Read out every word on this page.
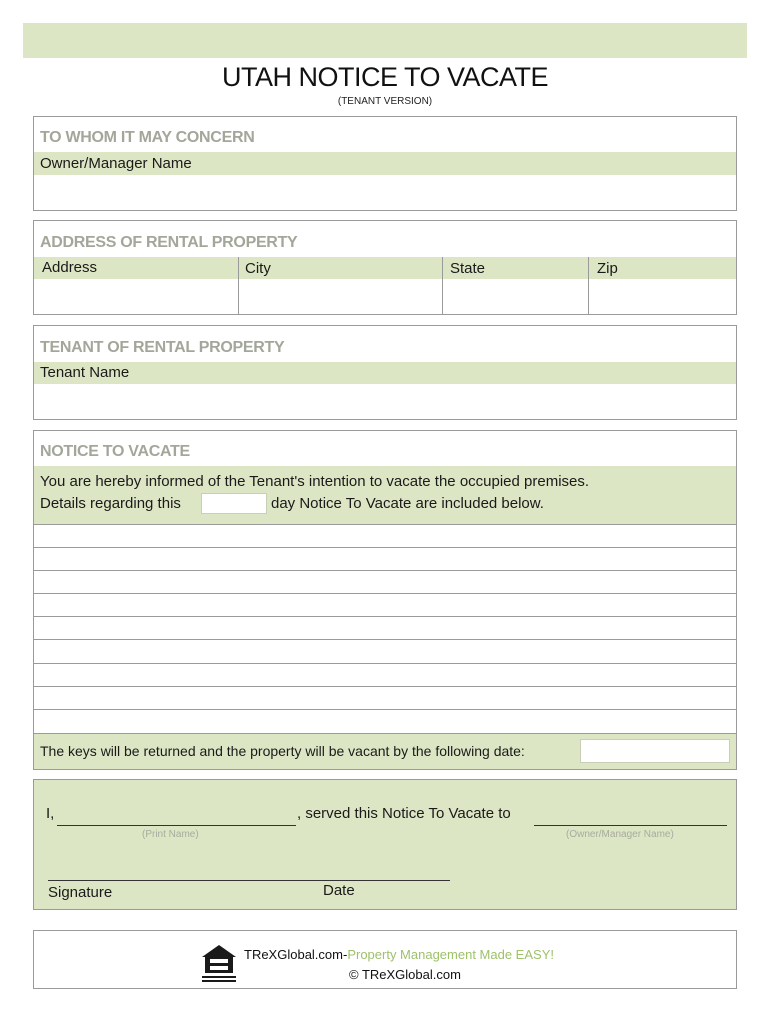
UTAH NOTICE TO VACATE
(TENANT VERSION)
TO WHOM IT MAY CONCERN
Owner/Manager Name
ADDRESS OF RENTAL PROPERTY
Address	City	State	Zip
TENANT OF RENTAL PROPERTY
Tenant Name
NOTICE TO VACATE
You are hereby informed of the Tenant's intention to vacate the occupied premises.
Details regarding this	day Notice To Vacate are included below.
The keys will be returned and the property will be vacant by the following date:
I,	, served this Notice To Vacate to
(Print Name)	(Owner/Manager Name)
Signature	Date
TReXGlobal.com-Property Management Made EASY!
© TReXGlobal.com
